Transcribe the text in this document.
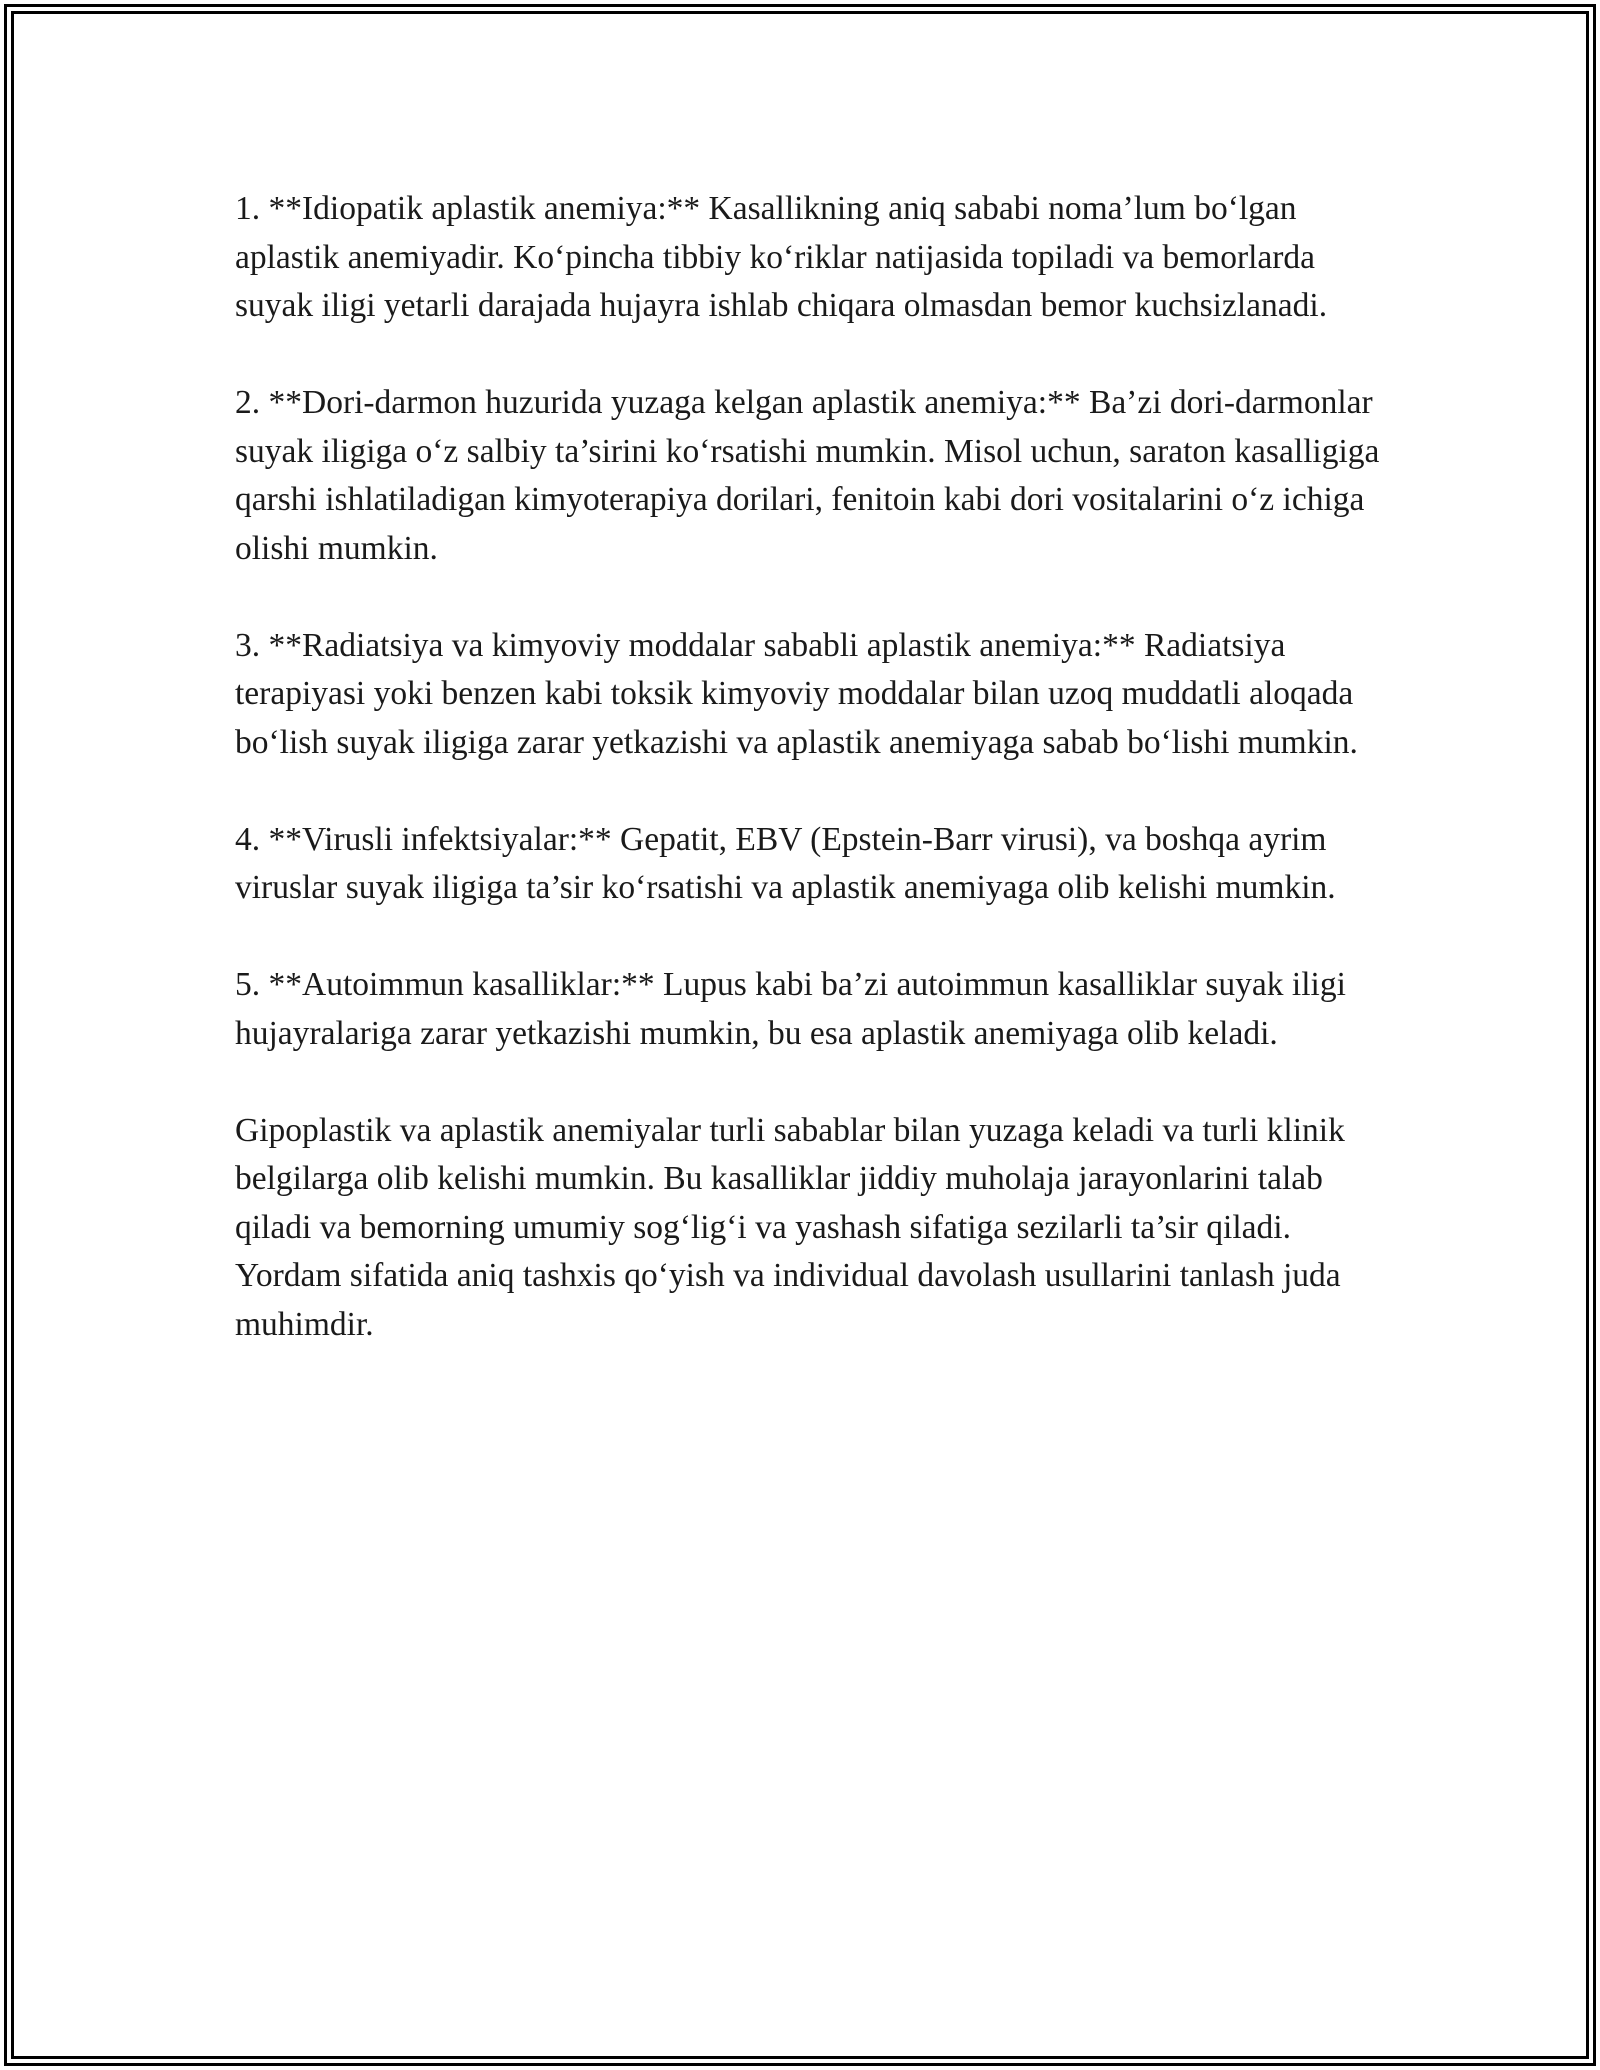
1. **Idiopatik aplastik anemiya:** Kasallikning aniq sababi noma’lum bo‘lgan aplastik anemiyadir. Ko‘pincha tibbiy ko‘riklar natijasida topiladi va bemorlarda suyak iligi yetarli darajada hujayra ishlab chiqara olmasdan bemor kuchsizlanadi.

2. **Dori-darmon huzurida yuzaga kelgan aplastik anemiya:** Ba’zi dori-darmonlar suyak iligiga o‘z salbiy ta’sirini ko‘rsatishi mumkin. Misol uchun, saraton kasalligiga qarshi ishlatiladigan kimyoterapiya dorilari, fenitoin kabi dori vositalarini o‘z ichiga olishi mumkin.

3. **Radiatsiya va kimyoviy moddalar sababli aplastik anemiya:** Radiatsiya terapiyasi yoki benzen kabi toksik kimyoviy moddalar bilan uzoq muddatli aloqada bo‘lish suyak iligiga zarar yetkazishi va aplastik anemiyaga sabab bo‘lishi mumkin.

4. **Virusli infektsiyalar:** Gepatit, EBV (Epstein-Barr virusi), va boshqa ayrim viruslar suyak iligiga ta’sir ko‘rsatishi va aplastik anemiyaga olib kelishi mumkin.

5. **Autoimmun kasalliklar:** Lupus kabi ba’zi autoimmun kasalliklar suyak iligi hujayralariga zarar yetkazishi mumkin, bu esa aplastik anemiyaga olib keladi.

Gipoplastik va aplastik anemiyalar turli sabablar bilan yuzaga keladi va turli klinik belgilarga olib kelishi mumkin. Bu kasalliklar jiddiy muholaja jarayonlarini talab qiladi va bemorning umumiy sog‘lig‘i va yashash sifatiga sezilarli ta’sir qiladi. Yordam sifatida aniq tashxis qo‘yish va individual davolash usullarini tanlash juda muhimdir.
